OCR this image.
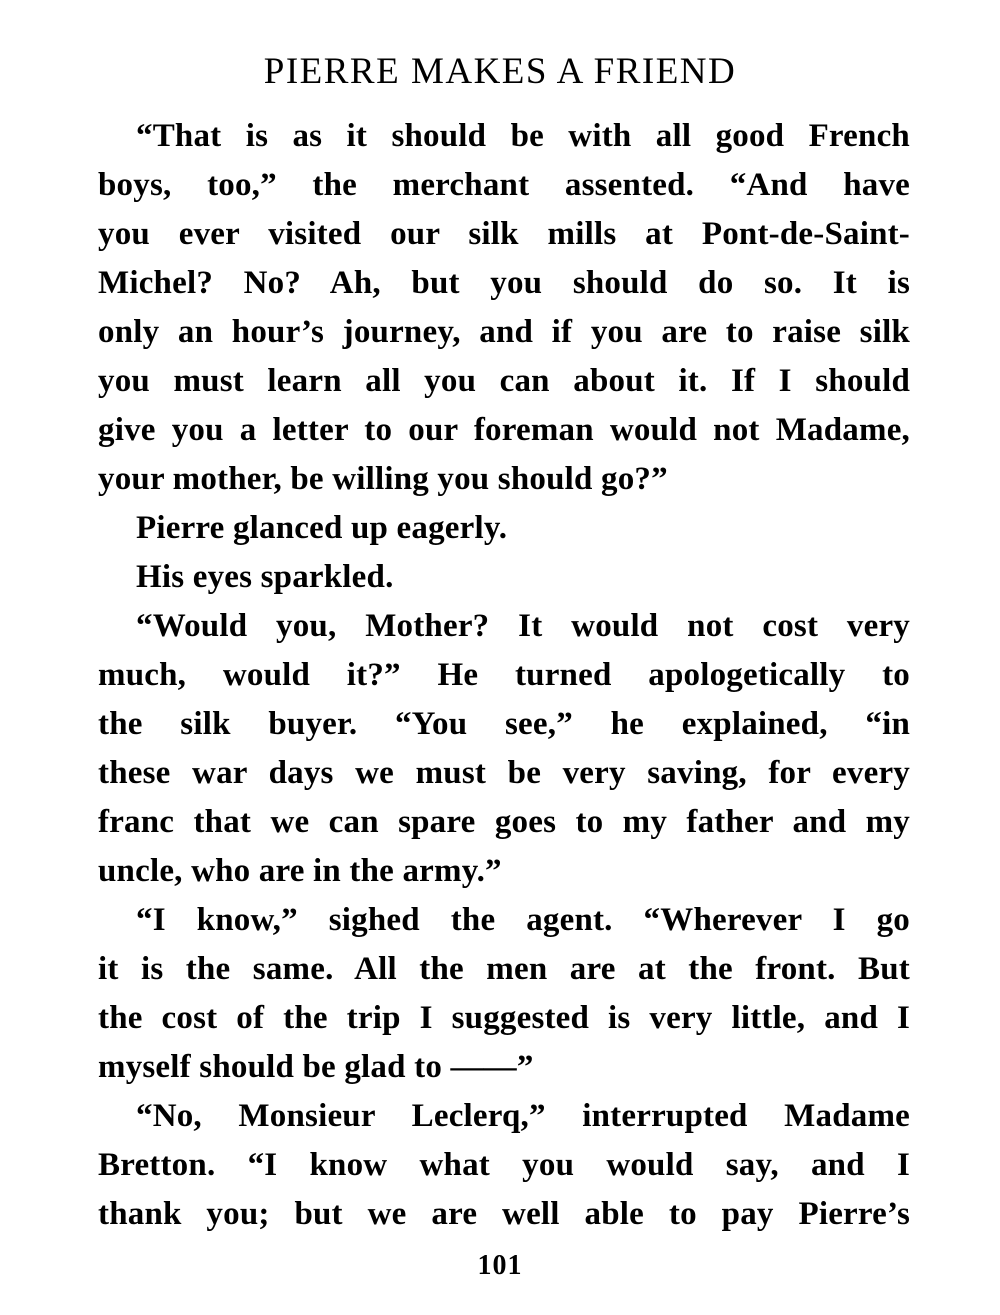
PIERRE MAKES A FRIEND
“That is as it should be with all good French
boys, too,” the merchant assented. “And have
you ever visited our silk mills at Pont-de-Saint-
Michel? No? Ah, but you should do so. It is
only an hour’s journey, and if you are to raise silk
you must learn all you can about it. If I should
give you a letter to our foreman would not Madame,
your mother, be willing you should go?”
Pierre glanced up eagerly.
His eyes sparkled.
“Would you, Mother? It would not cost very
much, would it?” He turned apologetically to
the silk buyer. “You see,” he explained, “in
these war days we must be very saving, for every
franc that we can spare goes to my father and my
uncle, who are in the army.”
“I know,” sighed the agent. “Wherever I go
it is the same. All the men are at the front. But
the cost of the trip I suggested is very little, and I
myself should be glad to ——”
“No, Monsieur Leclerq,” interrupted Madame
Bretton. “I know what you would say, and I
thank you; but we are well able to pay Pierre’s
101
